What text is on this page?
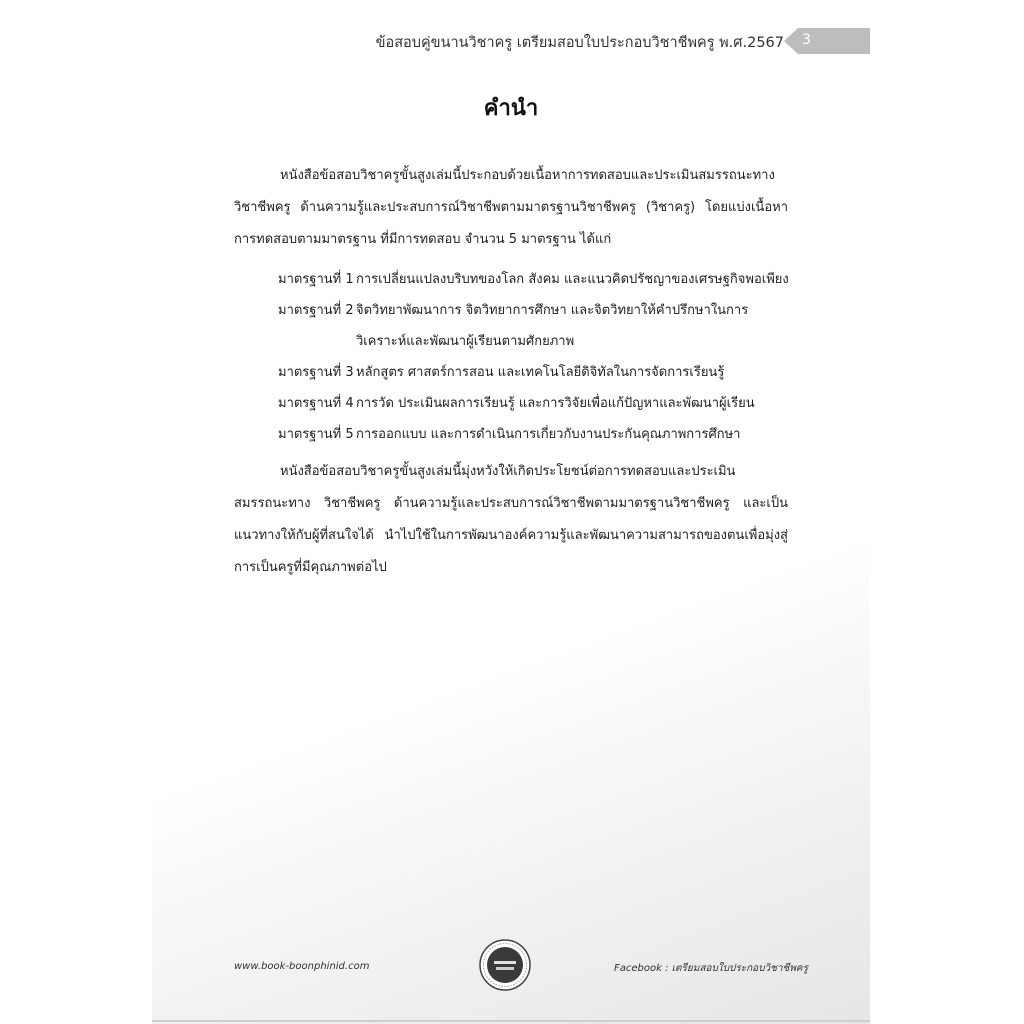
ข้อสอบคู่ขนานวิชาครู เตรียมสอบใบประกอบวิชาชีพครู พ.ศ.2567 3
คำนำ

หนังสือข้อสอบวิชาครูขั้นสูงเล่มนี้ประกอบด้วยเนื้อหาการทดสอบและประเมินสมรรถนะทางวิชาชีพครู ด้านความรู้และประสบการณ์วิชาชีพตามมาตรฐานวิชาชีพครู (วิชาครู) โดยแบ่งเนื้อหาการทดสอบตามมาตรฐาน ที่มีการทดสอบ จำนวน 5 มาตรฐาน ได้แก่

มาตรฐานที่ 1 การเปลี่ยนแปลงบริบทของโลก สังคม และแนวคิดปรัชญาของเศรษฐกิจพอเพียง
มาตรฐานที่ 2 จิตวิทยาพัฒนาการ จิตวิทยาการศึกษา และจิตวิทยาให้คำปรึกษาในการวิเคราะห์และพัฒนาผู้เรียนตามศักยภาพ
มาตรฐานที่ 3 หลักสูตร ศาสตร์การสอน และเทคโนโลยีดิจิทัลในการจัดการเรียนรู้
มาตรฐานที่ 4 การวัด ประเมินผลการเรียนรู้ และการวิจัยเพื่อแก้ปัญหาและพัฒนาผู้เรียน
มาตรฐานที่ 5 การออกแบบ และการดำเนินการเกี่ยวกับงานประกันคุณภาพการศึกษา

หนังสือข้อสอบวิชาครูขั้นสูงเล่มนี้มุ่งหวังให้เกิดประโยชน์ต่อการทดสอบและประเมินสมรรถนะทาง วิชาชีพครู ด้านความรู้และประสบการณ์วิชาชีพตามมาตรฐานวิชาชีพครู และเป็นแนวทางให้กับผู้ที่สนใจได้ นำไปใช้ในการพัฒนาองค์ความรู้และพัฒนาความสามารถของตนเพื่อมุ่งสู่การเป็นครูที่มีคุณภาพต่อไป

www.book-boonphinid.com	Facebook : เตรียมสอบใบประกอบวิชาชีพครู
